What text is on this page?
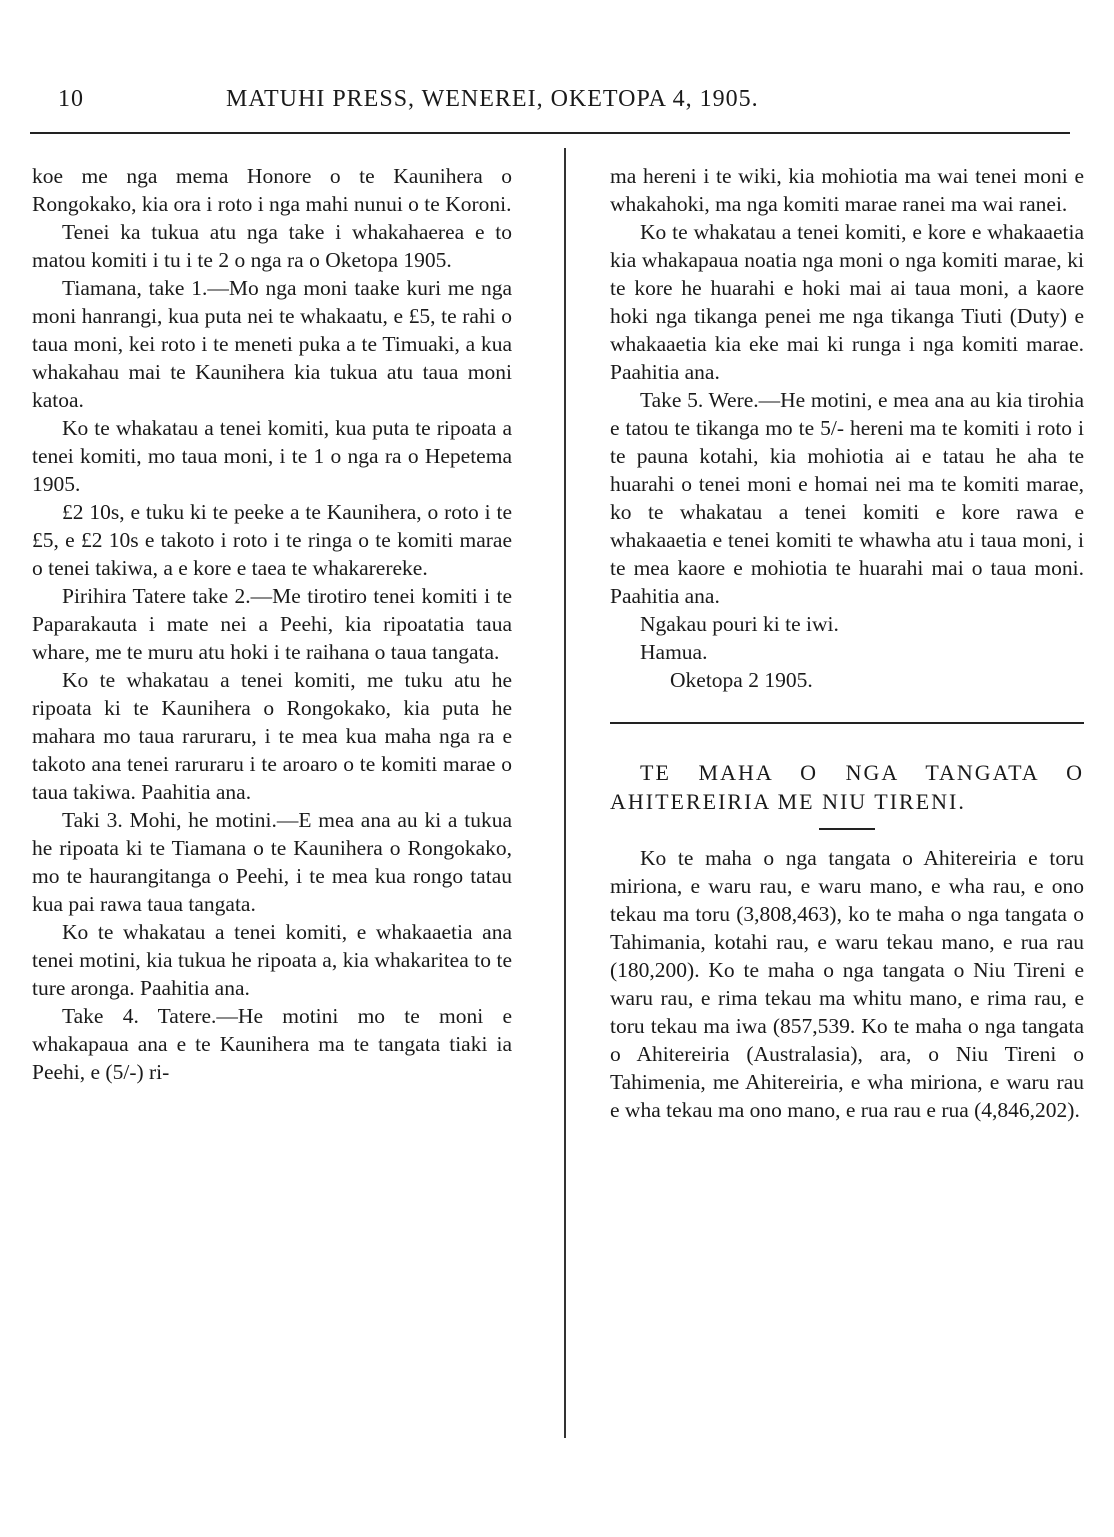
10	MATUHI PRESS, WENEREI, OKETOPA 4, 1905.

koe me nga mema Honore o te Kaunihera o Rongokako, kia ora i roto i nga mahi nunui o te Koroni.

Tenei ka tukua atu nga take i whakahaerea e to matou komiti i tu i te 2 o nga ra o Oketopa 1905.

Tiamana, take 1.—Mo nga moni taake kuri me nga moni hanrangi, kua puta nei te whakaatu, e £5, te rahi o taua moni, kei roto i te meneti puka a te Timuaki, a kua whakahau mai te Kaunihera kia tukua atu taua moni katoa.

Ko te whakatau a tenei komiti, kua puta te ripoata a tenei komiti, mo taua moni, i te 1 o nga ra o Hepetema 1905.

£2 10s, e tuku ki te peeke a te Kaunihera, o roto i te £5, e £2 10s e takoto i roto i te ringa o te komiti marae o tenei takiwa, a e kore e taea te whakarereke.

Pirihira Tatere take 2.—Me tirotiro tenei komiti i te Paparakauta i mate nei a Peehi, kia ripoatatia taua whare, me te muru atu hoki i te raihana o taua tangata.

Ko te whakatau a tenei komiti, me tuku atu he ripoata ki te Kaunihera o Rongokako, kia puta he mahara mo taua raruraru, i te mea kua maha nga ra e takoto ana tenei raruraru i te aroaro o te komiti marae o taua takiwa. Paahitia ana.

Taki 3. Mohi, he motini.—E mea ana au ki a tukua he ripoata ki te Tiamana o te Kaunihera o Rongokako, mo te haurangitanga o Peehi, i te mea kua rongo tatau kua pai rawa taua tangata.

Ko te whakatau a tenei komiti, e whakaaetia ana tenei motini, kia tukua he ripoata a, kia whakaritea to te ture aronga. Paahitia ana.

Take 4. Tatere.—He motini mo te moni e whakapaua ana e te Kaunihera ma te tangata tiaki ia Peehi, e (5/-) ri-

ma hereni i te wiki, kia mohiotia ma wai tenei moni e whakahoki, ma nga komiti marae ranei ma wai ranei.

Ko te whakatau a tenei komiti, e kore e whakaaetia kia whakapaua noatia nga moni o nga komiti marae, ki te kore he huarahi e hoki mai ai taua moni, a kaore hoki nga tikanga penei me nga tikanga Tiuti (Duty) e whakaaetia kia eke mai ki runga i nga komiti marae. Paahitia ana.

Take 5. Were.—He motini, e mea ana au kia tirohia e tatou te tikanga mo te 5/- hereni ma te komiti i roto i te pauna kotahi, kia mohiotia ai e tatau he aha te huarahi o tenei moni e homai nei ma te komiti marae, ko te whakatau a tenei komiti e kore rawa e whakaaetia e tenei komiti te whawha atu i taua moni, i te mea kaore e mohiotia te huarahi mai o taua moni. Paahitia ana.

Ngakau pouri ki te iwi.

Hamua.

Oketopa 2 1905.

TE MAHA O NGA TANGATA O AHITEREIRIA ME NIU TIRENI.

Ko te maha o nga tangata o Ahitereiria e toru miriona, e waru rau, e waru mano, e wha rau, e ono tekau ma toru (3,808,463), ko te maha o nga tangata o Tahimania, kotahi rau, e waru tekau mano, e rua rau (180,200). Ko te maha o nga tangata o Niu Tireni e waru rau, e rima tekau ma whitu mano, e rima rau, e toru tekau ma iwa (857,539. Ko te maha o nga tangata o Ahitereiria (Australasia), ara, o Niu Tireni o Tahimenia, me Ahitereiria, e wha miriona, e waru rau e wha tekau ma ono mano, e rua rau e rua (4,846,202).
